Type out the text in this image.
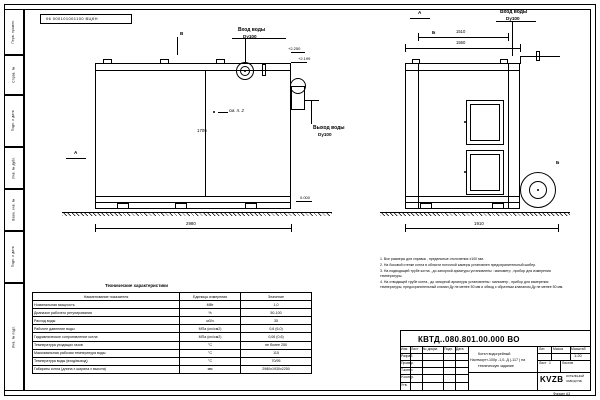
Перв. примен.
Справ. №
Подп. и дата
Инв. № дубл.
Взам. инв. №
Подп. и дата
Инв. № подл.
06 000101001100 ВЦКН
Вход воды
Dy100
Выход воды
Dy100
см. п. 2
+2.250
+2.199
0.000
1705
2980
В
А
Вход воды
Dy100
А
Б
Б
1510
1560
1910
1. Все размеры для справок , предельные отклонения ±100 мм.
2. На боковой стенке котла в области поточной камеры установлен предохранительный шибер.
3. На подводящей трубе котла , до запорной арматуры установлены : манометр , прибор для измерения температуры.
4. На отводящей трубе котла , до запорной арматуры установлены : манометр , прибор для измерения температуры, предохранительный клапан Ду не менее 50 мм и обвод с обратным клапаном Ду не менее 50 мм.
Технические характеристики
Наименование показателя	Единицы измерения	Значение
Номинальная мощность	МВт	1,0
Диапазон рабочего регулирования	%	50-100
Расход воды	м3/ч	35
Рабочее давление воды	МПа (кгс/см2)	0,6 (6,0)
Гидравлическое сопротивление котла	МПа (кгс/см2)	0,06 (0,6)
Температура уходящих газов	°C	не более 250
Максимальная рабочая температура воды	°C	115
Температура воды (вход/выход)	°C	70/95
Габариты котла (длина х ширина х высота)	мм	2980х1930х2250
КВТД..080.801.00.000 ВО
Изм Лист № докум. Подп. Дата
Разраб.
Провер.
Т.контр.
Н.контр.
Утв.
Котел водогрейный
Наотмортт-100р -1,0- Д (-117 ) на
техническую задание
Лит. Масса Масштаб
1:20
Лист 1	Листов
KVZB КОТЕЛЬНЫЙ
ЗАВОД РЭК
Формат А3
